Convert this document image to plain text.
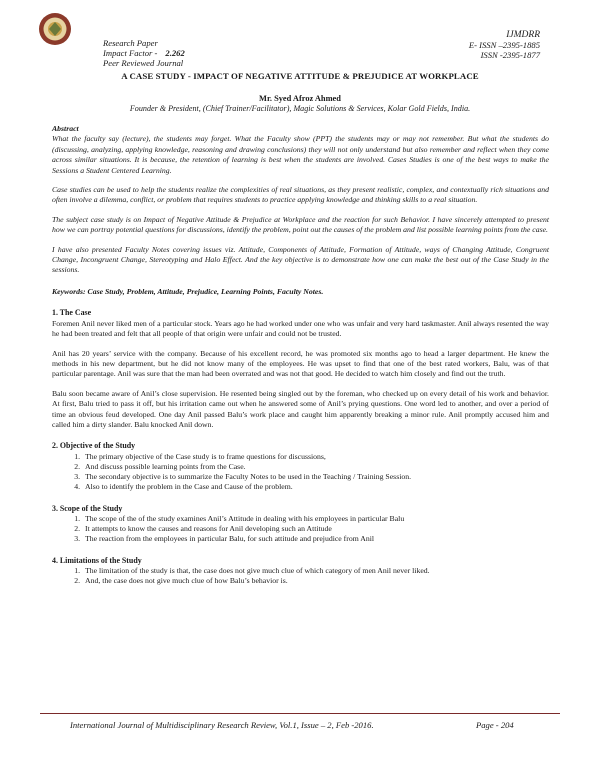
Research Paper
Impact Factor - 2.262
Peer Reviewed Journal
IJMDRR
E- ISSN –2395-1885
ISSN -2395-1877
A CASE STUDY - IMPACT OF NEGATIVE ATTITUDE & PREJUDICE AT WORKPLACE
Mr. Syed Afroz Ahmed
Founder & President, (Chief Trainer/Facilitator), Magic Solutions & Services, Kolar Gold Fields, India.

Abstract

What the faculty say (lecture), the students may forget. What the Faculty show (PPT) the students may or may not remember. But what the students do (discussing, analyzing, applying knowledge, reasoning and drawing conclusions) they will not only understand but also remember and reflect when they come across similar situations. It is because, the retention of learning is best when the students are involved. Cases Studies is one of the best ways to make the Sessions a Student Centered Learning.

Case studies can be used to help the students realize the complexities of real situations, as they present realistic, complex, and contextually rich situations and often involve a dilemma, conflict, or problem that requires students to practice applying knowledge and thinking skills to a real situation.

The subject case study is on Impact of Negative Attitude & Prejudice at Workplace and the reaction for such Behavior. I have sincerely attempted to present how we can portray potential questions for discussions, identify the problem, point out the causes of the problem and list possible learning points from the case.

I have also presented Faculty Notes covering issues viz. Attitude, Components of Attitude, Formation of Attitude, ways of Changing Attitude, Congruent Change, Incongruent Change, Stereotyping and Halo Effect. And the key objective is to demonstrate how one can make the best out of the Case Study in the sessions.

Keywords: Case Study, Problem, Attitude, Prejudice, Learning Points, Faculty Notes.

1. The Case

Foremen Anil never liked men of a particular stock. Years ago he had worked under one who was unfair and very hard taskmaster. Anil always resented the way he had been treated and felt that all people of that origin were unfair and could not be trusted.

Anil has 20 years’ service with the company. Because of his excellent record, he was promoted six months ago to head a larger department. He knew the methods in his new department, but he did not know many of the employees. He was upset to find that one of the best rated workers, Balu, was of that particular parentage. Anil was sure that the man had been overrated and was not that good. He decided to watch him closely and find out the truth.

Balu soon became aware of Anil’s close supervision. He resented being singled out by the foreman, who checked up on every detail of his work and behavior. At first, Balu tried to pass it off, but his irritation came out when he answered some of Anil’s prying questions. One word led to another, and over a period of time an obvious feud developed. One day Anil passed Balu’s work place and caught him apparently breaking a minor rule. Anil promptly accused him and called him a dirty slander. Balu knocked Anil down.

2. Objective of the Study

1. The primary objective of the Case study is to frame questions for discussions,
2. And discuss possible learning points from the Case.
3. The secondary objective is to summarize the Faculty Notes to be used in the Teaching / Training Session.
4. Also to identify the problem in the Case and Cause of the problem.

3. Scope of the Study

1. The scope of the of the study examines Anil’s Attitude in dealing with his employees in particular Balu
2. It attempts to know the causes and reasons for Anil developing such an Attitude
3. The reaction from the employees in particular Balu, for such attitude and prejudice from Anil

4. Limitations of the Study

1. The limitation of the study is that, the case does not give much clue of which category of men Anil never liked.
2. And, the case does not give much clue of how Balu’s behavior is.
International Journal of Multidisciplinary Research Review, Vol.1, Issue – 2, Feb -2016.	Page - 204
